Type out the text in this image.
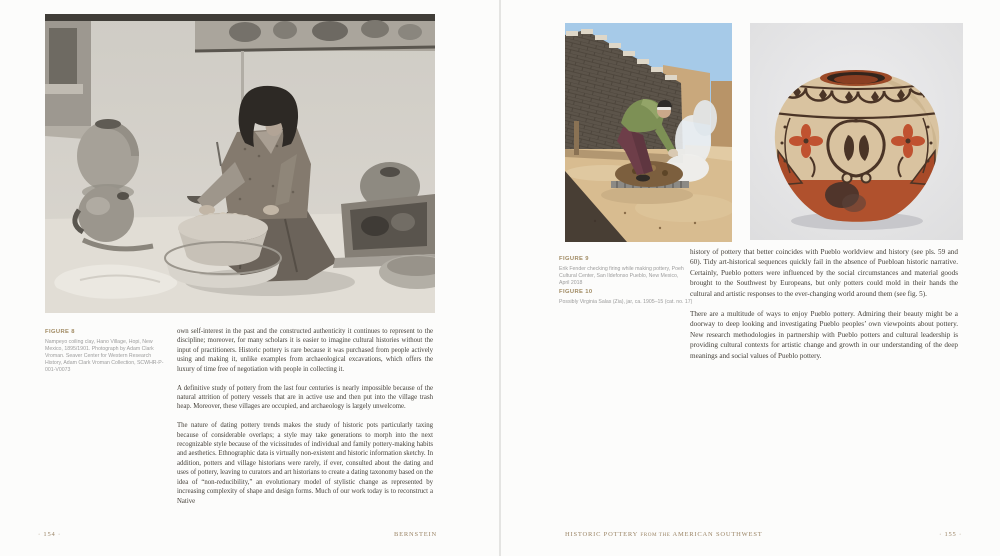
FIGURE 8
Nampeyo coiling clay, Hano Village, Hopi, New Mexico, 1895/1901. Photograph by Adam Clark Vroman. Seaver Center for Western Research History, Adam Clark Vroman Collection, SCWHR-P-001-V0073

own self-interest in the past and the constructed authenticity it continues to represent to the discipline; moreover, for many scholars it is easier to imagine cultural histories without the input of practitioners. Historic pottery is rare because it was purchased from people actively using and making it, unlike examples from archaeological excavations, which offers the luxury of time free of negotiation with people in collecting it.

A definitive study of pottery from the last four centuries is nearly impossible because of the natural attrition of pottery vessels that are in active use and then put into the village trash heap. Moreover, these villages are occupied, and archaeology is largely unwelcome.

The nature of dating pottery trends makes the study of historic pots particularly taxing because of considerable overlaps; a style may take generations to morph into the next recognizable style because of the vicissitudes of individual and family pottery-making habits and aesthetics. Ethnographic data is virtually non-existent and historic information sketchy. In addition, potters and village historians were rarely, if ever, consulted about the dating and uses of pottery, leaving to curators and art historians to create a dating taxonomy based on the idea of “non-reducibility,” an evolutionary model of stylistic change as represented by increasing complexity of shape and design forms. Much of our work today is to reconstruct a Native

FIGURE 9
Erik Fender checking firing while making pottery, Poeh Cultural Center, San Ildefonso Pueblo, New Mexico, April 2018
FIGURE 10
Possibly Virginia Salas (Zia), jar, ca. 1905–15 (cat. no. 17)

history of pottery that better coincides with Pueblo worldview and history (see pls. 59 and 60). Tidy art-historical sequences quickly fail in the absence of Puebloan historic narrative. Certainly, Pueblo potters were influenced by the social circumstances and material goods brought to the Southwest by Europeans, but only potters could mold in their hands the cultural and artistic responses to the ever-changing world around them (see fig. 5).

There are a multitude of ways to enjoy Pueblo pottery. Admiring their beauty might be a doorway to deep looking and investigating Pueblo peoples’ own viewpoints about pottery. New research methodologies in partnership with Pueblo potters and cultural leadership is providing cultural contexts for artistic change and growth in our understanding of the deep meanings and social values of Pueblo pottery.

· 154 ·	BERNSTEIN	HISTORIC POTTERY FROM THE AMERICAN SOUTHWEST	· 155 ·
